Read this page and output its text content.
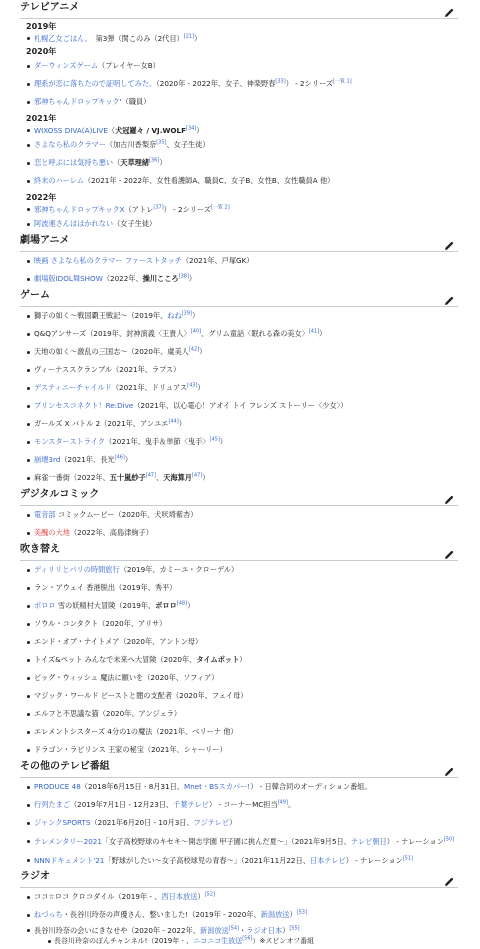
テレビアニメ
2019年
札幌乙女ごはん。　第3弾（関このみ（2代目）[21]）
2020年
ダーウィンズゲーム（プレイヤー女B）
理系が恋に落ちたので証明してみた。（2020年 - 2022年、女子、神楽野春[33]） - 2シリーズ[一覧 1]
邪神ちゃんドロップキック'（職員）
2021年
WIXOSS DIVA(A)LIVE（犬冠羅々 / VJ.WOLF[34]）
さよなら私のクラマー（加古川香梨奈[35]、女子生徒）
恋と呼ぶには気持ち悪い（天草理緒[36]）
終末のハーレム（2021年 - 2022年、女性看護師A、職員C、女子B、女性B、女性職員A 他）
2022年
邪神ちゃんドロップキックX（アトレ[37]） - 2シリーズ[一覧 2]
阿波連さんははかれない（女子生徒）
劇場アニメ
映画 さよなら私のクラマー ファーストタッチ（2021年、戸塚GK）
劇場版IDOL舞SHOW（2022年、操川こころ[38]）
ゲーム
獅子の如く〜戦国覇王戦記〜（2019年、ねね[39]）
Q&Qアンサーズ（2019年、封神演義〈王貴人〉[40]、グリム童話〈眠れる森の美女〉[41]）
天地の如く〜激乱の三国志〜（2020年、虞美人[42]）
ヴィーナススクランブル（2021年、ラプス）
デスティニーチャイルド（2021年、ドリュアス[43]）
プリンセスコネクト！Re:Dive（2021年、以心電心！アオイ トイ フレンズ ストーリー〈少女〉）
ガールズ X バトル 2（2021年、アンユエ[44]）
モンスターストライク（2021年、曳手＆単節〈曳手〉[45]）
崩壊3rd（2021年、長光[46]）
麻雀一番街（2022年、五十嵐紗子[47]、天海算月[47]）
デジタルコミック
電音部 コミックムービー（2020年、犬吠埼紫杏）
美醜の大地（2022年、高島津絢子）
吹き替え
ディリリとパリの時間旅行（2019年、カミーユ・クローデル）
ラン・アウェイ 香港脱出（2019年、秀平）
ポロロ 雪の妖精村大冒険（2019年、ポロロ[48]）
ソウル・コンタクト（2020年、アリサ）
エンド・オブ・ナイトメア（2020年、アントン母）
トイズ&ペット みんなで未来へ大冒険（2020年、タイムポット）
ビッグ・ウィッシュ 魔法に願いを（2020年、ソフィア）
マジック・ワールド ビーストと闇の支配者（2020年、フェイ母）
エルフと不思議な猫（2020年、アンジェラ）
エレメントシスターズ 4分の1の魔法（2021年、ベリーナ 他）
ドラゴン・ラビリンス 王家の秘宝（2021年、シャーリー）
その他のテレビ番組
PRODUCE 48（2018年6月15日 - 8月31日、Mnet・BSスカパー!） - 日韓合同のオーディション番組。
行列たまご（2019年7月1日 - 12月23日、千葉テレビ） - コーナーMC担当[49]。
ジャンクSPORTS（2021年6月20日 - 10月3日、フジテレビ）
テレメンタリー2021「女子高校野球のキセキ〜開志学園 甲子園に挑んだ夏〜」（2021年9月5日、テレビ朝日） - ナレーション[50]
NNNドキュメント'21「野球がしたい〜女子高校球児の青春〜」（2021年11月22日、日本テレビ） - ナレーション[51]
ラジオ
ココ☆ロコ クロコダイル（2019年 - 、西日本放送）[52]
ねづっち・長谷川玲奈の声優さん、整いました!（2019年 - 2020年、新潟放送）[53]
長谷川玲奈の会いにきなせや（2020年 - 2022年、新潟放送[54]・ラジオ日本）[55]
長谷川玲奈のぽんチャンネル!（2019年 - 、ニコニコ生放送[56]）※スピンオフ番組
